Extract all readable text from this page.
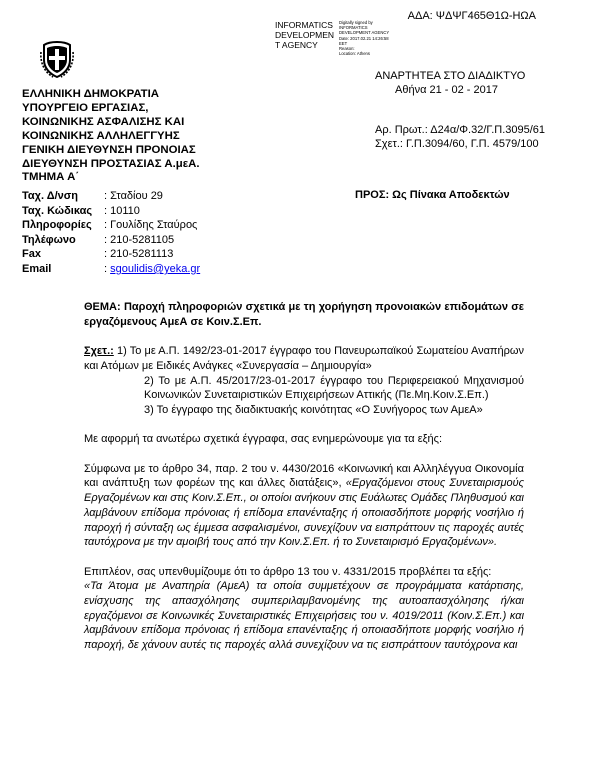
ΑΔΑ: ΨΔΨΓ465Θ1Ω-ΗΩΑ
INFORMATICS
DEVELOPMEN
T AGENCY
Digitally signed by
INFORMATICS
DEVELOPMENT AGENCY
Date: 2017.02.21 14:26:58
EET
Reason:
Location: Athens
ΕΛΛΗΝΙΚΗ ΔΗΜΟΚΡΑΤΙΑ
ΥΠΟΥΡΓΕΙΟ ΕΡΓΑΣΙΑΣ,
ΚΟΙΝΩΝΙΚΗΣ ΑΣΦΑΛΙΣΗΣ ΚΑΙ
ΚΟΙΝΩΝΙΚΗΣ ΑΛΛΗΛΕΓΓΥΗΣ
ΓΕΝΙΚΗ ΔΙΕΥΘΥΝΣΗ ΠΡΟΝΟΙΑΣ
ΔΙΕΥΘΥΝΣΗ ΠΡΟΣΤΑΣΙΑΣ Α.μεΑ.
ΤΜΗΜΑ Α΄
ΑΝΑΡΤΗΤΕΑ ΣΤΟ ΔΙΑΔΙΚΤΥΟ
Αθήνα 21 - 02 - 2017
Αρ. Πρωτ.: Δ24α/Φ.32/Γ.Π.3095/61
Σχετ.: Γ.Π.3094/60, Γ.Π. 4579/100
Ταχ. Δ/νση	: Σταδίου 29
Ταχ. Κώδικας	: 10110
Πληροφορίες	: Γουλίδης Σταύρος
Τηλέφωνο	: 210-5281105
Fax	: 210-5281113
Email	: sgoulidis@yeka.gr
ΠΡΟΣ: Ως Πίνακα Αποδεκτών

ΘΕΜΑ: Παροχή πληροφοριών σχετικά με τη χορήγηση προνοιακών επιδομάτων σε εργαζόμενους ΑμεΑ σε Κοιν.Σ.Επ.

Σχετ.: 1) Το με Α.Π. 1492/23-01-2017 έγγραφο του Πανευρωπαϊκού Σωματείου Αναπήρων και Ατόμων με Ειδικές Ανάγκες «Συνεργασία – Δημιουργία»

2) Το με Α.Π. 45/2017/23-01-2017 έγγραφο του Περιφερειακού Μηχανισμού Κοινωνικών Συνεταιριστικών Επιχειρήσεων Αττικής (Πε.Μη.Κοιν.Σ.Επ.)

3) Το έγγραφο της διαδικτυακής κοινότητας «Ο Συνήγορος των ΑμεΑ»

Με αφορμή τα ανωτέρω σχετικά έγγραφα, σας ενημερώνουμε για τα εξής:

Σύμφωνα με το άρθρο 34, παρ. 2 του ν. 4430/2016 «Κοινωνική και Αλληλέγγυα Οικονομία και ανάπτυξη των φορέων της και άλλες διατάξεις», «Εργαζόμενοι στους Συνεταιρισμούς Εργαζομένων και στις Κοιν.Σ.Επ., οι οποίοι ανήκουν στις Ευάλωτες Ομάδες Πληθυσμού και λαμβάνουν επίδομα πρόνοιας ή επίδομα επανένταξης ή οποιασδήποτε μορφής νοσήλιο ή παροχή ή σύνταξη ως έμμεσα ασφαλισμένοι, συνεχίζουν να εισπράττουν τις παροχές αυτές ταυτόχρονα με την αμοιβή τους από την Κοιν.Σ.Επ. ή το Συνεταιρισμό Εργαζομένων».

Επιπλέον, σας υπενθυμίζουμε ότι το άρθρο 13 του ν. 4331/2015 προβλέπει τα εξής:

«Τα Άτομα με Αναπηρία (ΑμεΑ) τα οποία συμμετέχουν σε προγράμματα κατάρτισης, ενίσχυσης της απασχόλησης συμπεριλαμβανομένης της αυτοαπασχόλησης ή/και εργαζόμενοι σε Κοινωνικές Συνεταιριστικές Επιχειρήσεις του ν. 4019/2011 (Κοιν.Σ.Επ.) και λαμβάνουν επίδομα πρόνοιας ή επίδομα επανένταξης ή οποιασδήποτε μορφής νοσήλιο ή παροχή, δε χάνουν αυτές τις παροχές αλλά συνεχίζουν να τις εισπράττουν ταυτόχρονα και
